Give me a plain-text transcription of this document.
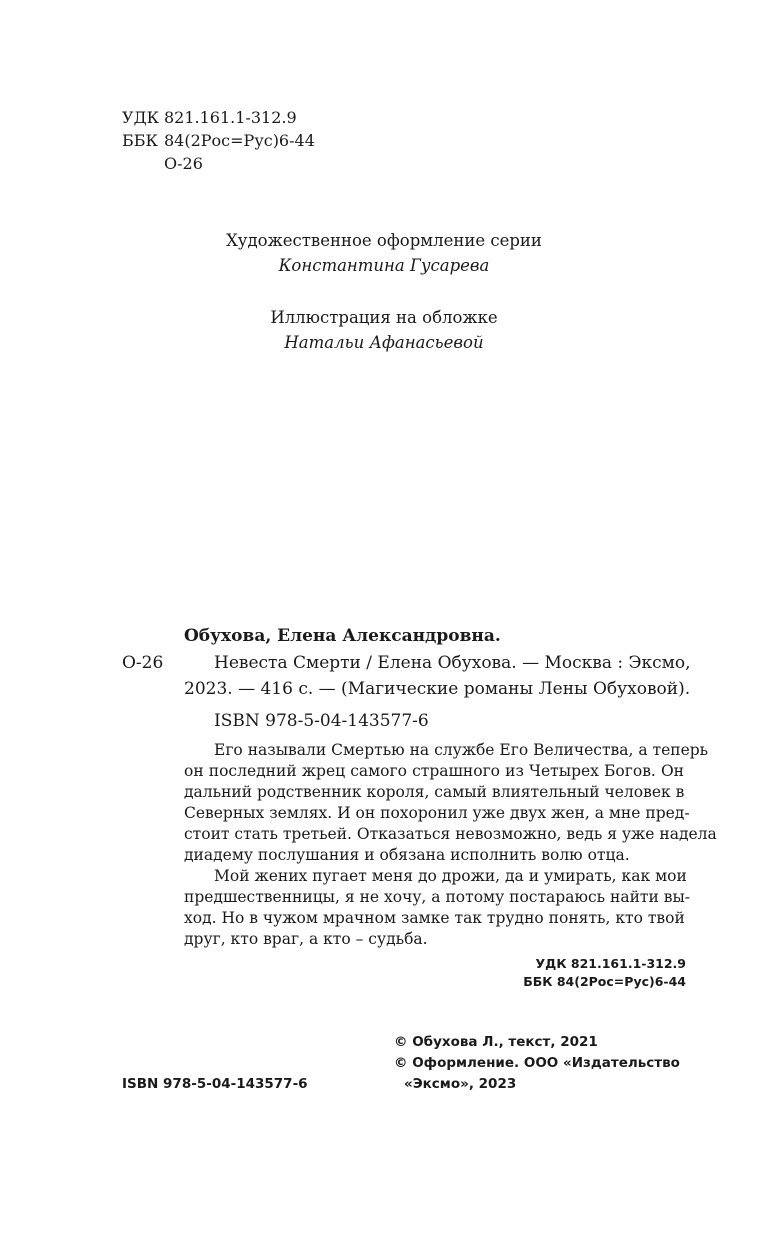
УДК 821.161.1-312.9
ББК 84(2Рос=Рус)6-44
О-26
Художественное оформление серии
Константина Гусарева
Иллюстрация на обложке
Натальи Афанасьевой
Обухова, Елена Александровна.
О-26	Невеста Смерти / Елена Обухова. — Москва : Эксмо,
2023. — 416 с. — (Магические романы Лены Обуховой).
ISBN 978-5-04-143577-6
Его называли Смертью на службе Его Величества, а теперь
он последний жрец самого страшного из Четырех Богов. Он
дальний родственник короля, самый влиятельный человек в
Северных землях. И он похоронил уже двух жен, а мне пред-
стоит стать третьей. Отказаться невозможно, ведь я уже надела
диадему послушания и обязана исполнить волю отца.
Мой жених пугает меня до дрожи, да и умирать, как мои
предшественницы, я не хочу, а потому постараюсь найти вы-
ход. Но в чужом мрачном замке так трудно понять, кто твой
друг, кто враг, а кто – судьба.
УДК 821.161.1-312.9
ББК 84(2Рос=Рус)6-44
© Обухова Л., текст, 2021
© Оформление. ООО «Издательство
«Эксмо», 2023
ISBN 978-5-04-143577-6
